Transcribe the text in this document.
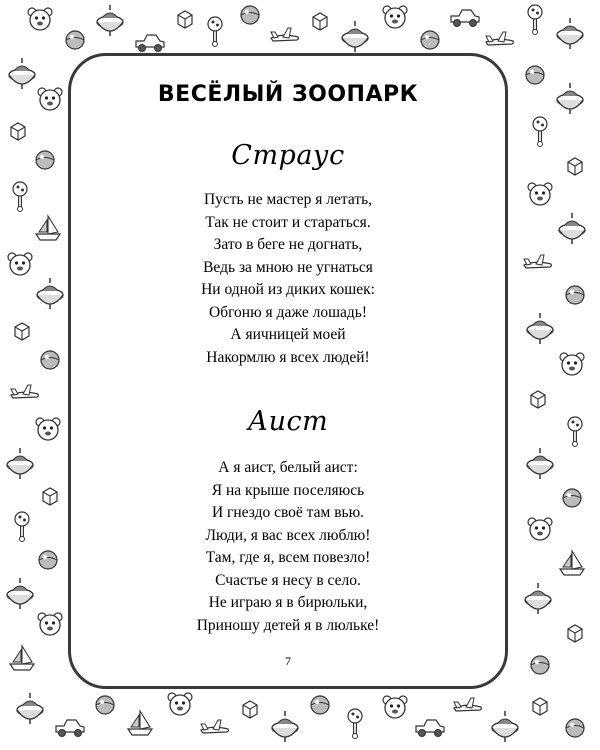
ВЕСЁЛЫЙ ЗООПАРК
Страус
Пусть не мастер я летать,
Так не стоит и стараться.
Зато в беге не догнать,
Ведь за мною не угнаться
Ни одной из диких кошек:
Обгоню я даже лошадь!
А яичницей моей
Накормлю я всех людей!
Аист
А я аист, белый аист:
Я на крыше поселяюсь
И гнездо своё там вью.
Люди, я вас всех люблю!
Там, где я, всем повезло!
Счастье я несу в село.
Не играю я в бирюльки,
Приношу детей я в люльке!
7
